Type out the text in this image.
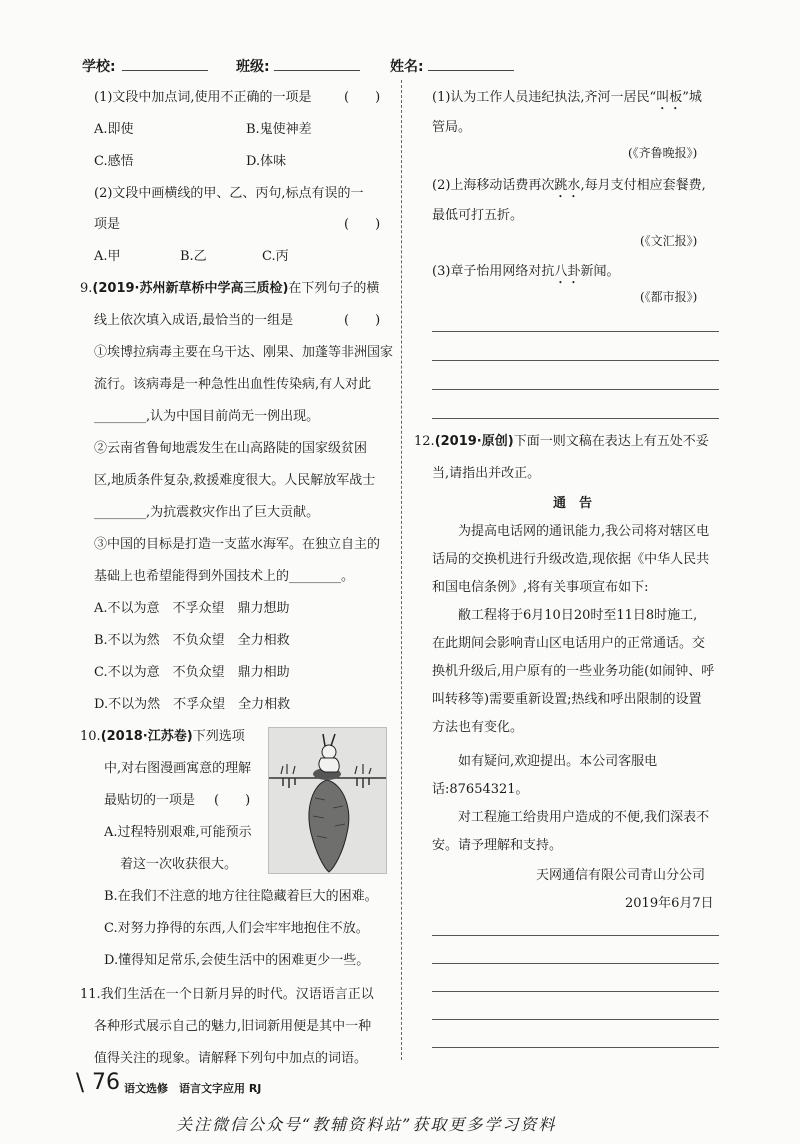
学校:	班级:	姓名:
(1)文段中加点词,使用不正确的一项是 (　　)
A.即使	B.鬼使神差
C.感悟	D.体味
(2)文段中画横线的甲、乙、丙句,标点有误的一
项是	(　　)
A.甲	B.乙	C.丙
9.(2019·苏州新草桥中学高三质检)在下列句子的横
线上依次填入成语,最恰当的一组是	(　　)
①埃博拉病毒主要在乌干达、刚果、加蓬等非洲国家
流行。该病毒是一种急性出血性传染病,有人对此
________,认为中国目前尚无一例出现。
②云南省鲁甸地震发生在山高路陡的国家级贫困
区,地质条件复杂,救援难度很大。人民解放军战士
________,为抗震救灾作出了巨大贡献。
③中国的目标是打造一支蓝水海军。在独立自主的
基础上也希望能得到外国技术上的________。
A.不以为意　不孚众望　鼎力想助
B.不以为然　不负众望　全力相救
C.不以为意　不负众望　鼎力相助
D.不以为然　不孚众望　全力相救
10.(2018·江苏卷)下列选项
中,对右图漫画寓意的理解
最贴切的一项是 (　　)
A.过程特别艰难,可能预示
着这一次收获很大。
B.在我们不注意的地方往往隐藏着巨大的困难。
C.对努力挣得的东西,人们会牢牢地抱住不放。
D.懂得知足常乐,会使生活中的困难更少一些。
11.我们生活在一个日新月异的时代。汉语语言正以
各种形式展示自己的魅力,旧词新用便是其中一种
值得关注的现象。请解释下列句中加点的词语。
(1)认为工作人员违纪执法,齐河一居民“叫板”城
管局。
(《齐鲁晚报》)
(2)上海移动话费再次跳水,每月支付相应套餐费,
最低可打五折。
(《文汇报》)
(3)章子怡用网络对抗八卦新闻。
(《都市报》)
12.(2019·原创)下面一则文稿在表达上有五处不妥
当,请指出并改正。
通　告
为提高电话网的通讯能力,我公司将对辖区电
话局的交换机进行升级改造,现依据《中华人民共
和国电信条例》,将有关事项宣布如下:
敝工程将于6月10日20时至11日8时施工,
在此期间会影响青山区电话用户的正常通话。交
换机升级后,用户原有的一些业务功能(如闹钟、呼
叫转移等)需要重新设置;热线和呼出限制的设置
方法也有变化。
如有疑问,欢迎提出。本公司客服电
话:87654321。
对工程施工给贵用户造成的不便,我们深表不
安。请予理解和支持。
天网通信有限公司青山分公司
2019年6月7日
\ 76 语文选修　语言文字应用 RJ
关注微信公众号“教辅资料站”获取更多学习资料
